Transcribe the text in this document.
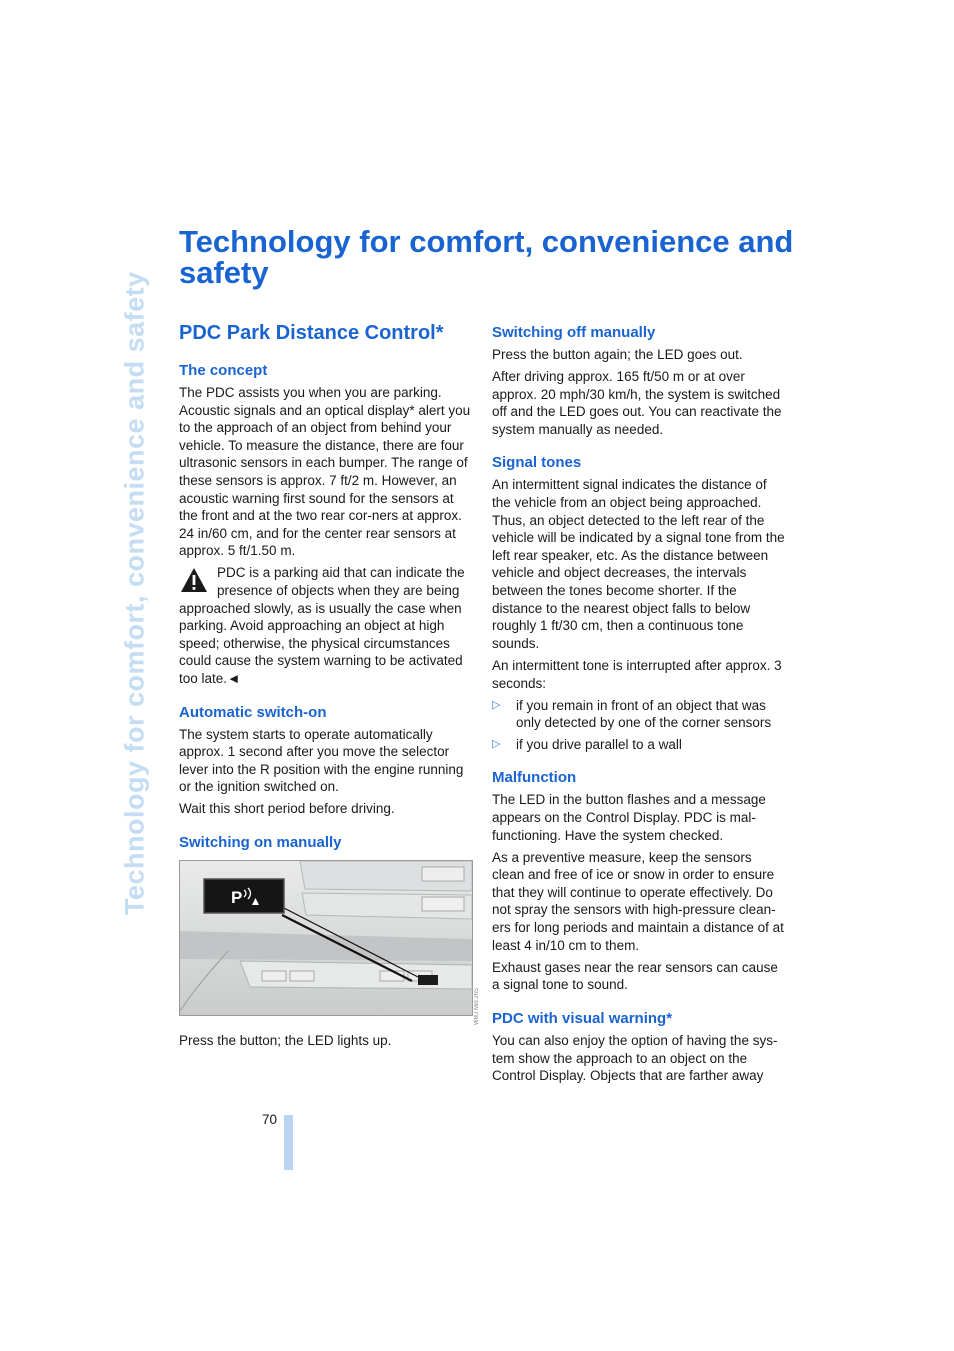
Technology for comfort, convenience and safety
Technology for comfort, convenience and safety
PDC Park Distance Control*
The concept

The PDC assists you when you are parking. Acoustic signals and an optical display* alert you to the approach of an object from behind your vehicle. To measure the distance, there are four ultrasonic sensors in each bumper. The range of these sensors is approx. 7 ft/2 m. However, an acoustic warning first sound for the sensors at the front and at the two rear cor-ners at approx. 24 in/60 cm, and for the center rear sensors at approx. 5 ft/1.50 m.

PDC is a parking aid that can indicate the presence of objects when they are being approached slowly, as is usually the case when parking. Avoid approaching an object at high speed; otherwise, the physical circumstances could cause the system warning to be activated too late.◄

Automatic switch-on

The system starts to operate automatically approx. 1 second after you move the selector lever into the R position with the engine running or the ignition switched on.

Wait this short period before driving.

Switching on manually
P

Press the button; the LED lights up.

W8U Mid 2hS
Switching off manually

Press the button again; the LED goes out.

After driving approx. 165 ft/50 m or at over approx. 20 mph/30 km/h, the system is switched off and the LED goes out. You can reactivate the system manually as needed.

Signal tones

An intermittent signal indicates the distance of the vehicle from an object being approached. Thus, an object detected to the left rear of the vehicle will be indicated by a signal tone from the left rear speaker, etc. As the distance between vehicle and object decreases, the intervals between the tones become shorter. If the distance to the nearest object falls to below roughly 1 ft/30 cm, then a continuous tone sounds.

An intermittent tone is interrupted after approx. 3 seconds:

▷ if you remain in front of an object that was only detected by one of the corner sensors
▷ if you drive parallel to a wall
Malfunction

The LED in the button flashes and a message appears on the Control Display. PDC is mal-functioning. Have the system checked.

As a preventive measure, keep the sensors clean and free of ice or snow in order to ensure that they will continue to operate effectively. Do not spray the sensors with high-pressure clean-ers for long periods and maintain a distance of at least 4 in/10 cm to them.

Exhaust gases near the rear sensors can cause a signal tone to sound.

PDC with visual warning*

You can also enjoy the option of having the sys-tem show the approach to an object on the Control Display. Objects that are farther away

70
